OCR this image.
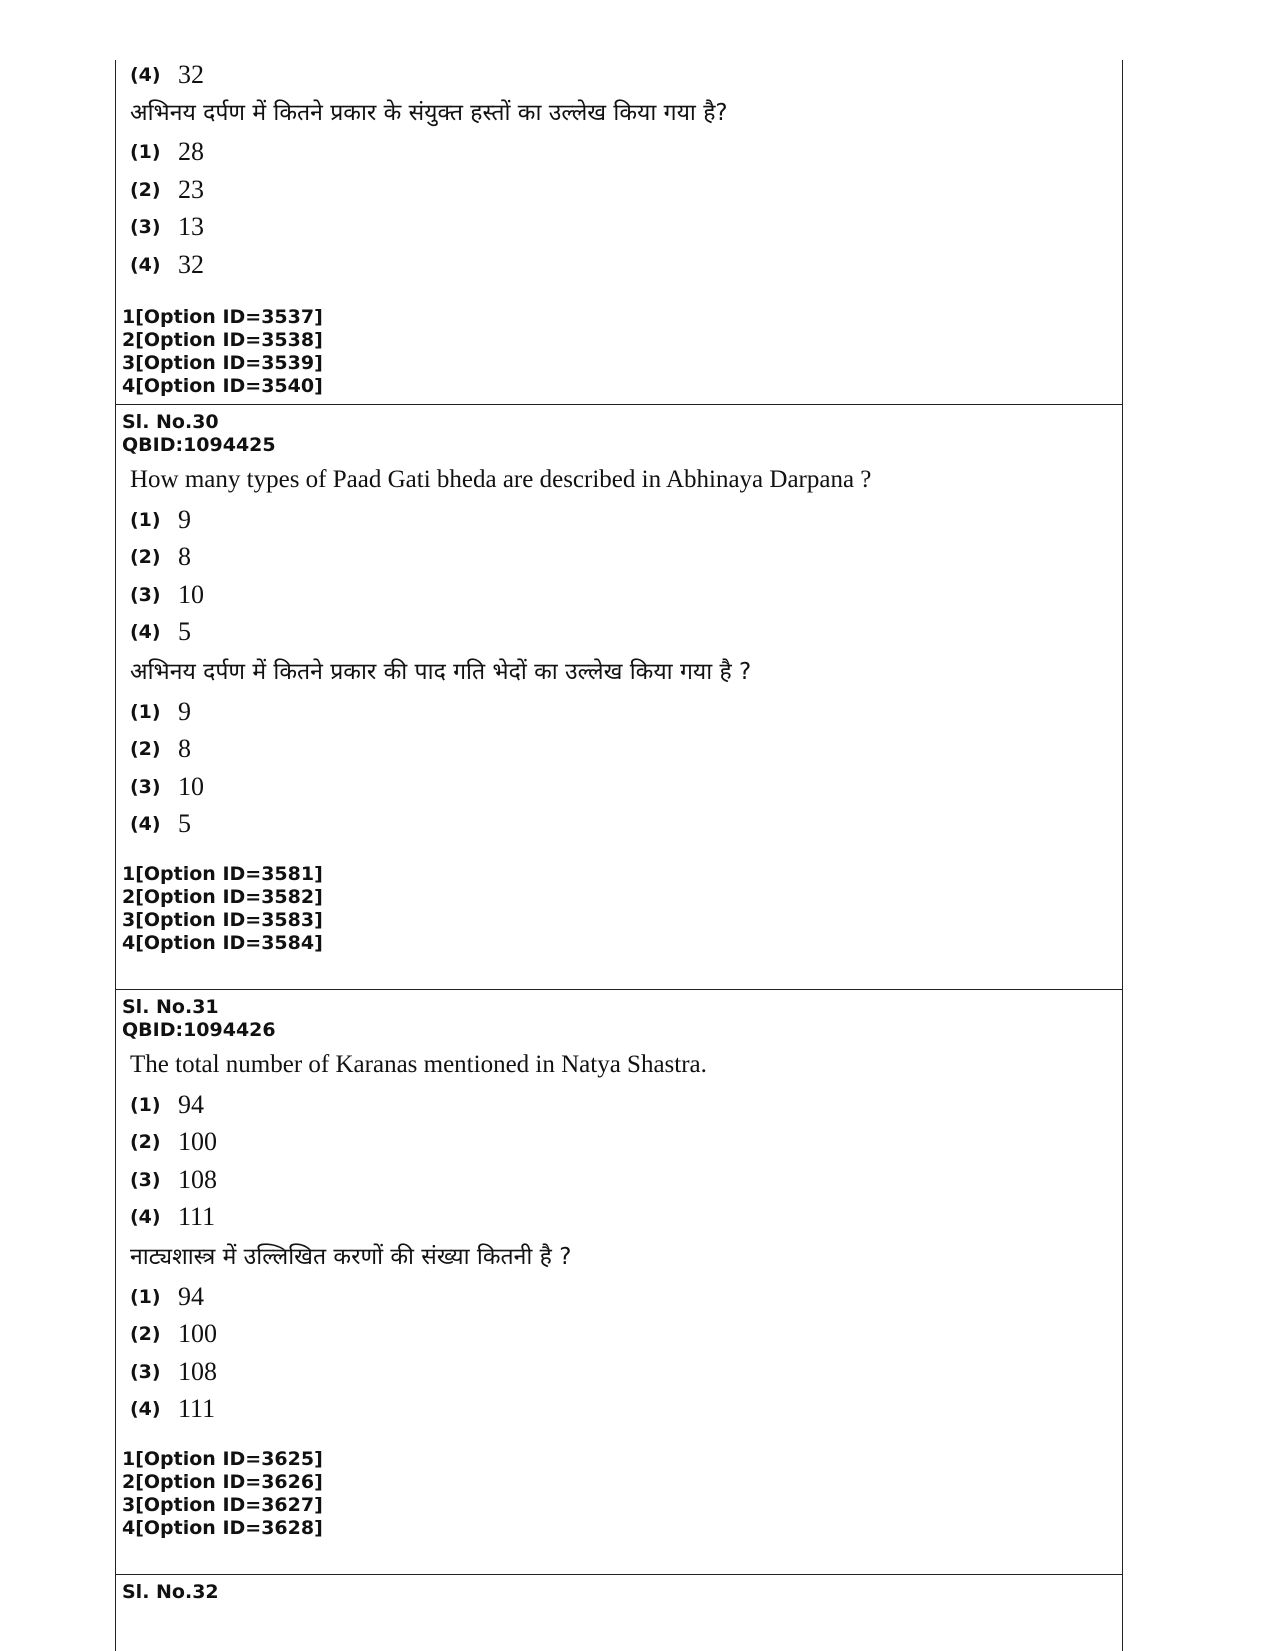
(4) 32
अभिनय दर्पण में कितने प्रकार के संयुक्त हस्तों का उल्लेख किया गया है?
(1) 28
(2) 23
(3) 13
(4) 32
1[Option ID=3537]
2[Option ID=3538]
3[Option ID=3539]
4[Option ID=3540]
Sl. No.30
QBID:1094425
How many types of Paad Gati bheda are described in Abhinaya Darpana ?
(1) 9
(2) 8
(3) 10
(4) 5
अभिनय दर्पण में कितने प्रकार की पाद गति भेदों का उल्लेख किया गया है ?
(1) 9
(2) 8
(3) 10
(4) 5
1[Option ID=3581]
2[Option ID=3582]
3[Option ID=3583]
4[Option ID=3584]
Sl. No.31
QBID:1094426
The total number of Karanas mentioned in Natya Shastra.
(1) 94
(2) 100
(3) 108
(4) 111
नाट्यशास्त्र में उल्लिखित करणों की संख्या कितनी है ?
(1) 94
(2) 100
(3) 108
(4) 111
1[Option ID=3625]
2[Option ID=3626]
3[Option ID=3627]
4[Option ID=3628]
Sl. No.32
